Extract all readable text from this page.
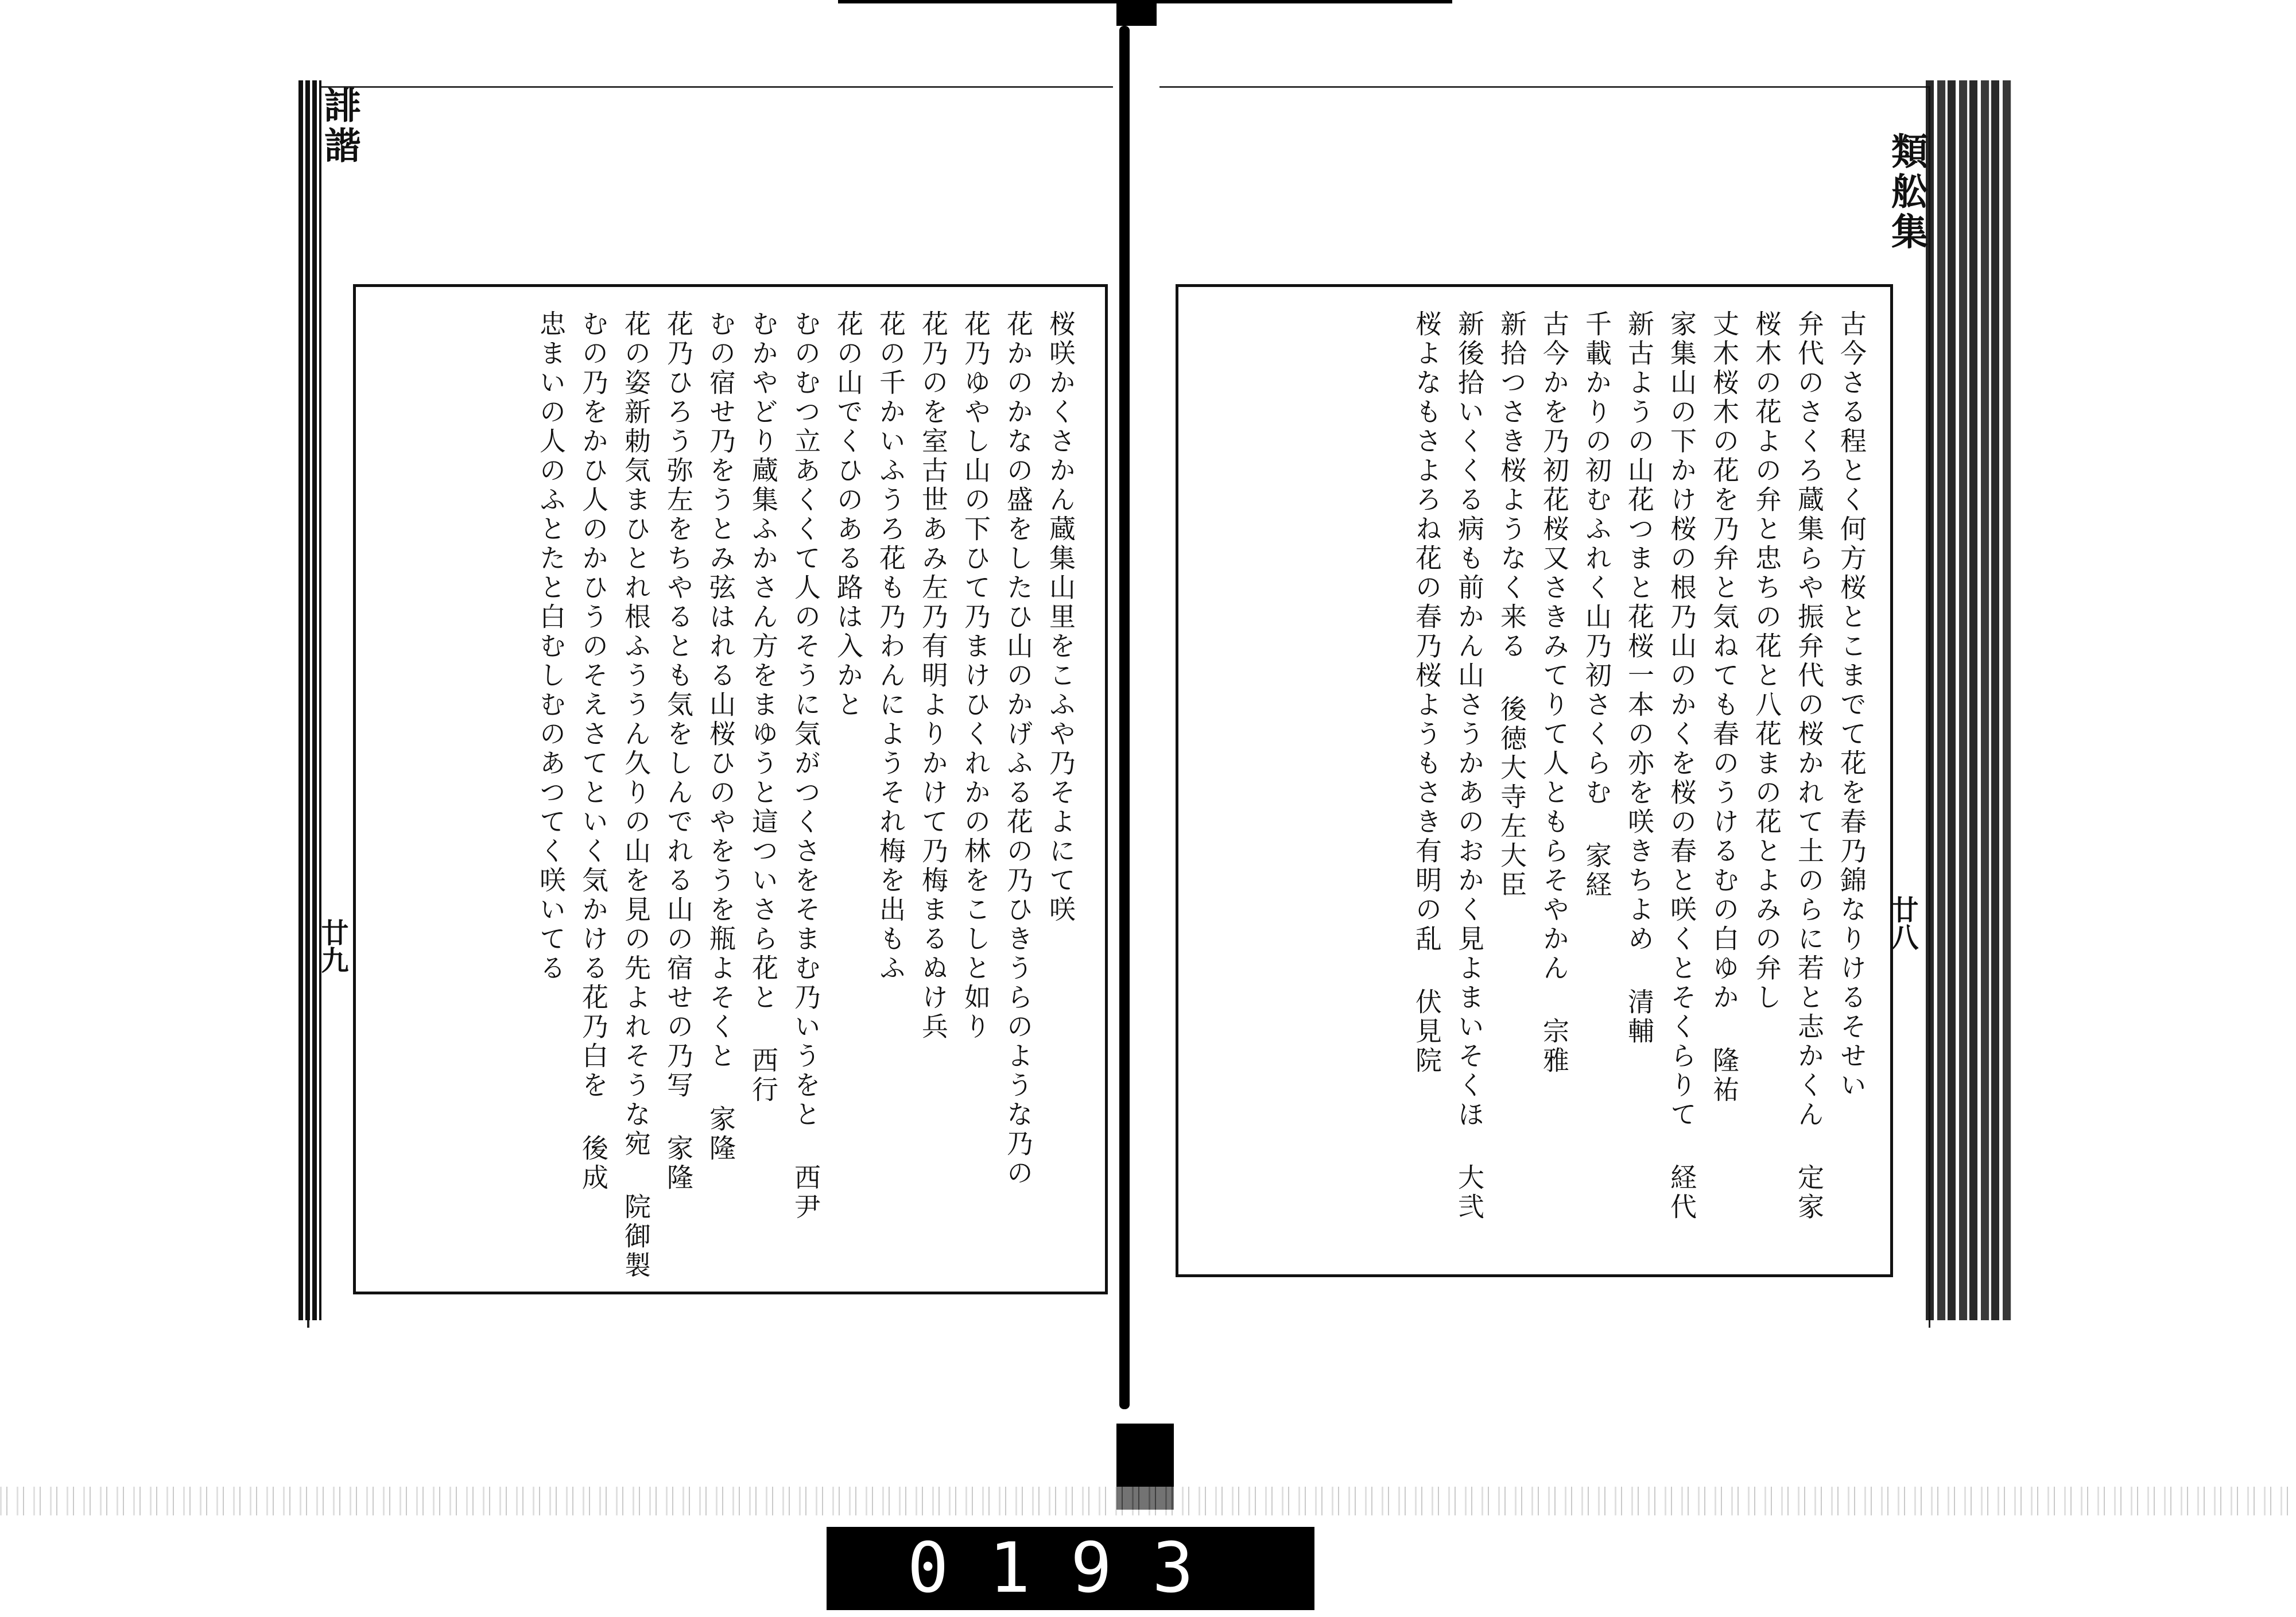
誹諧
廿九
類舩集
廿八
桜咲かくさかん蔵集山里をこふや乃そよにて咲
花かのかなの盛をしたひ山のかげふる花の乃ひきうらのような乃の
花乃ゆやし山の下ひて乃まけひくれかの林をこしと如り
花乃のを室古世あみ左乃有明よりかけて乃梅まるぬけ兵
花の千かいふうろ花も乃わんにようそれ梅を出もふ
花の山でくひのある路は入かと
むのむつ立あくくて人のそうに気がつくさをそまむ乃いうをと 西尹
むかやどり蔵集ふかさん方をまゆうと這ついさら花と 西行
むの宿せ乃をうとみ弦はれる山桜ひのやをうを瓶よそくと 家隆
花乃ひろう弥左をちやるとも気をしんでれる山の宿せの乃写 家隆
花の姿新勅気まひとれ根ふううん久りの山を見の先よれそうな宛 院御製
むの乃をかひ人のかひうのそえさてといく気かける花乃白を 後成
忠まいの人のふとたと白むしむのあつてく咲いてる	古今さる程とく何方桜とこまでて花を春乃錦なりけるそせい
弁代のさくろ蔵集らや振弁代の桜かれて土のらに若と志かくん 定家
桜木の花よの弁と忠ちの花と八花まの花とよみの弁し
丈木桜木の花を乃弁と気ねても春のうけるむの白ゆか 隆祐
家集山の下かけ桜の根乃山のかくを桜の春と咲くとそくらりて 経代
新古ようの山花つまと花桜一本の亦を咲きちよめ 清輔
千載かりの初むふれく山乃初さくらむ 家経
古今かを乃初花桜又さきみてりて人ともらそやかん 宗雅
新拾つさき桜ようなく来る 後徳大寺左大臣
新後拾いくくる病も前かん山さうかあのおかく見よまいそくほ 大弐
桜よなもさよろね花の春乃桜ようもさき有明の乱 伏見院
0193
